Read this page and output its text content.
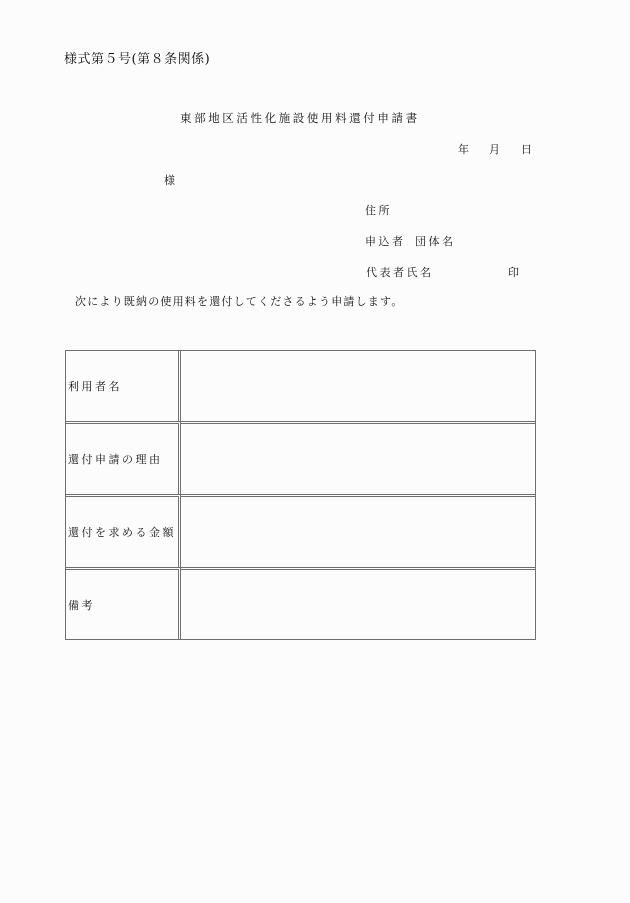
様式第５号(第８条関係)
東部地区活性化施設使用料還付申請書
年 月 日
様
住所
申込者 団体名
代表者氏名	印
次により既納の使用料を還付してくださるよう申請します。
利用者名	
還付申請の理由	
還付を求める金額	
備考	
